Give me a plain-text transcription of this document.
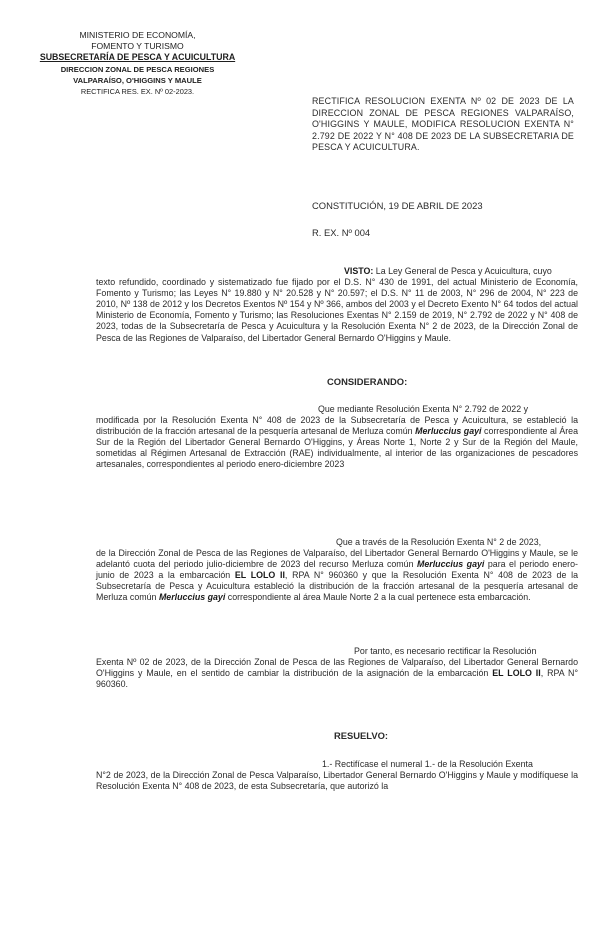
MINISTERIO DE ECONOMÍA,
FOMENTO Y TURISMO
SUBSECRETARÍA DE PESCA Y ACUICULTURA
DIRECCION ZONAL DE PESCA REGIONES
VALPARAÍSO, O'HIGGINS Y MAULE
RECTIFICA RES. EX. Nº 02-2023.
RECTIFICA RESOLUCION EXENTA Nº 02 DE 2023 DE LA DIRECCION ZONAL DE PESCA REGIONES VALPARAÍSO, O'HIGGINS Y MAULE, MODIFICA RESOLUCION EXENTA N° 2.792 DE 2022 Y N° 408 DE 2023 DE LA SUBSECRETARIA DE PESCA Y ACUICULTURA.
CONSTITUCIÓN, 19 DE ABRIL DE 2023
R. EX. Nº 004
VISTO: La Ley General de Pesca y Acuicultura, cuyo
texto refundido, coordinado y sistematizado fue fijado por el D.S. N° 430 de 1991, del actual Ministerio de Economía, Fomento y Turismo; las Leyes N° 19.880 y N° 20.528 y N° 20.597; el D.S. N° 11 de 2003, N° 296 de 2004, N° 223 de 2010, Nº 138 de 2012 y los Decretos Exentos Nº 154 y Nº 366, ambos del 2003 y el Decreto Exento N° 64 todos del actual Ministerio de Economía, Fomento y Turismo; las Resoluciones Exentas N° 2.159 de 2019, N° 2.792 de 2022 y N° 408 de 2023, todas de la Subsecretaría de Pesca y Acuicultura y la Resolución Exenta N° 2 de 2023, de la Dirección Zonal de Pesca de las Regiones de Valparaíso, del Libertador General Bernardo O'Higgins y Maule.
CONSIDERANDO:
Que mediante Resolución Exenta N° 2.792 de 2022 y
modificada por la Resolución Exenta N° 408 de 2023 de la Subsecretaría de Pesca y Acuicultura, se estableció la distribución de la fracción artesanal de la pesquería artesanal de Merluza común Merluccius gayi correspondiente al Área Sur de la Región del Libertador General Bernardo O'Higgins, y Áreas Norte 1, Norte 2 y Sur de la Región del Maule, sometidas al Régimen Artesanal de Extracción (RAE) individualmente, al interior de las organizaciones de pescadores artesanales, correspondientes al periodo enero-diciembre 2023
Que a través de la Resolución Exenta N° 2 de 2023,
de la Dirección Zonal de Pesca de las Regiones de Valparaíso, del Libertador General Bernardo O'Higgins y Maule, se le adelantó cuota del periodo julio-diciembre de 2023 del recurso Merluza común Merluccius gayi para el periodo enero-junio de 2023 a la embarcación EL LOLO II, RPA N° 960360 y que la Resolución Exenta N° 408 de 2023 de la Subsecretaría de Pesca y Acuicultura estableció la distribución de la fracción artesanal de la pesquería artesanal de Merluza común Merluccius gayi correspondiente al área Maule Norte 2 a la cual pertenece esta embarcación.
Por tanto, es necesario rectificar la Resolución
Exenta Nº 02 de 2023, de la Dirección Zonal de Pesca de las Regiones de Valparaíso, del Libertador General Bernardo O'Higgins y Maule, en el sentido de cambiar la distribución de la asignación de la embarcación EL LOLO II, RPA N° 960360.
RESUELVO:
1.- Rectifícase el numeral 1.- de la Resolución Exenta
N°2 de 2023, de la Dirección Zonal de Pesca Valparaíso, Libertador General Bernardo O'Higgins y Maule y modifíquese la Resolución Exenta N° 408 de 2023, de esta Subsecretaría, que autorizó la
